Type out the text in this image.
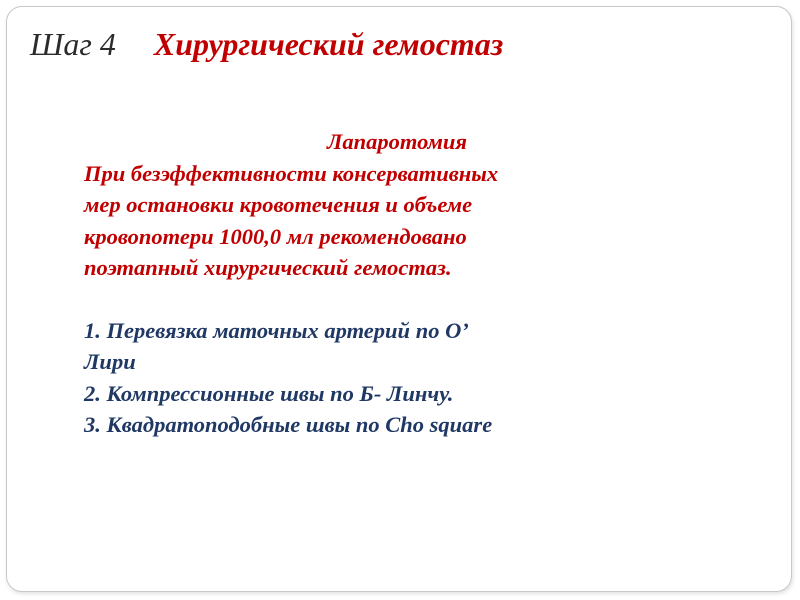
Шаг 4 Хирургический гемостаз
Лапаротомия

При безэффективности консервативных

мер остановки кровотечения и объеме

кровопотери 1000,0 мл рекомендовано

поэтапный хирургический гемостаз.

1. Перевязка маточных артерий по О’

Лири

2. Компрессионные швы по Б- Линчу.

3. Квадратоподобные швы по Cho square
